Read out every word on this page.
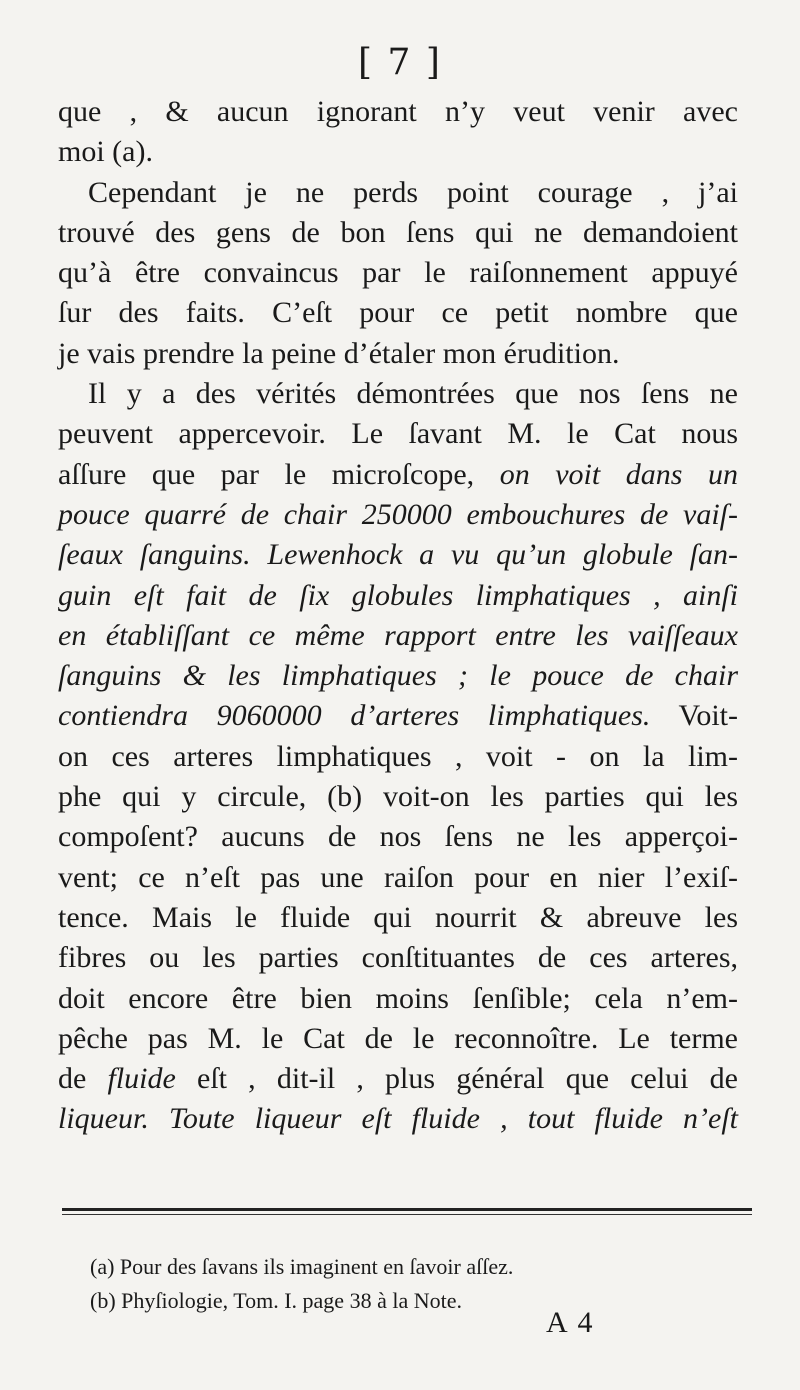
[ 7 ]
que , & aucun ignorant n’y veut venir avec
moi (a).
Cependant je ne perds point courage , j’ai
trouvé des gens de bon ſens qui ne demandoient
qu’à être convaincus par le raiſonnement appuyé
ſur des faits. C’eſt pour ce petit nombre que
je vais prendre la peine d’étaler mon érudition.
Il y a des vérités démontrées que nos ſens ne
peuvent appercevoir. Le ſavant M. le Cat nous
aſſure que par le microſcope, on voit dans un
pouce quarré de chair 250000 embouchures de vaiſ-
ſeaux ſanguins. Lewenhock a vu qu’un globule ſan-
guin eſt fait de ſix globules limphatiques , ainſi
en établiſſant ce même rapport entre les vaiſſeaux
ſanguins & les limphatiques ; le pouce de chair
contiendra 9060000 d’arteres limphatiques. Voit-
on ces arteres limphatiques , voit - on la lim-
phe qui y circule, (b) voit-on les parties qui les
compoſent? aucuns de nos ſens ne les apperçoi-
vent; ce n’eſt pas une raiſon pour en nier l’exiſ-
tence. Mais le fluide qui nourrit & abreuve les
fibres ou les parties conſtituantes de ces arteres,
doit encore être bien moins ſenſible; cela n’em-
pêche pas M. le Cat de le reconnoître. Le terme
de fluide eſt , dit-il , plus général que celui de
liqueur. Toute liqueur eſt fluide , tout fluide n’eſt
(a) Pour des ſavans ils imaginent en ſavoir aſſez.
(b) Phyſiologie, Tom. I. page 38 à la Note.
A 4
